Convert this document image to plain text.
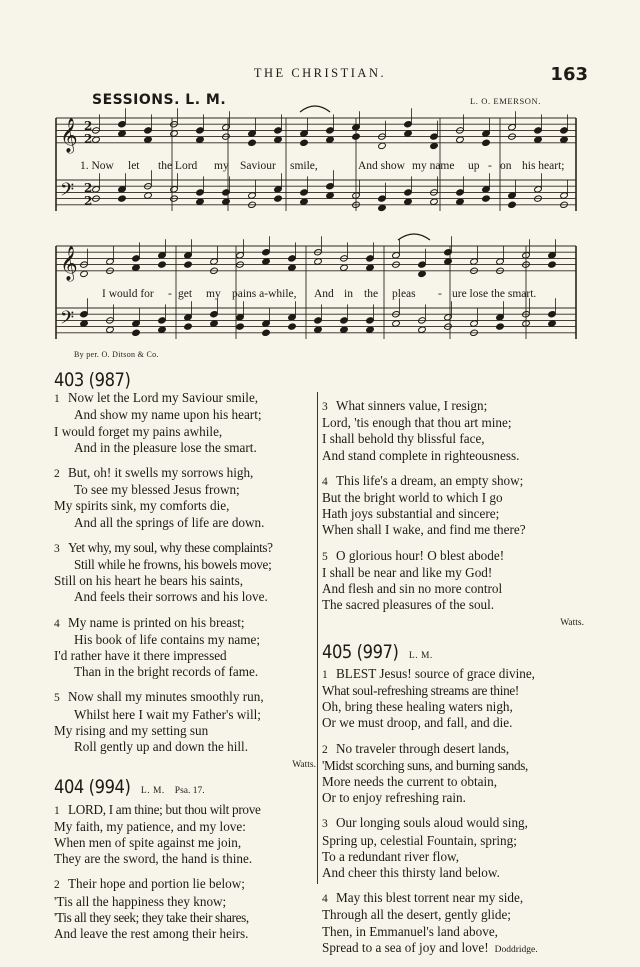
THE CHRISTIAN.	163
SESSIONS. L. M.	L. O. EMERSON.
𝄞
𝄢
𝄞
𝄢
2
2
2
2
1. Now let the Lord my Saviour smile,	And show my name up - on his heart;
I would for - get my pains a-while, And in the pleas - ure lose the smart.
By per. O. Ditson & Co.
403 (987)
1 Now let the Lord my Saviour smile,
And show my name upon his heart;
I would forget my pains awhile,
And in the pleasure lose the smart.
2 But, oh! it swells my sorrows high,
To see my blessed Jesus frown;
My spirits sink, my comforts die,
And all the springs of life are down.
3 Yet why, my soul, why these complaints?
Still while he frowns, his bowels move;
Still on his heart he bears his saints,
And feels their sorrows and his love.
4 My name is printed on his breast;
His book of life contains my name;
I'd rather have it there impressed
Than in the bright records of fame.
5 Now shall my minutes smoothly run,
Whilst here I wait my Father's will;
My rising and my setting sun
Roll gently up and down the hill.
Watts.
404 (994) L. M. Psa. 17.
1 LORD, I am thine; but thou wilt prove
My faith, my patience, and my love:
When men of spite against me join,
They are the sword, the hand is thine.
2 Their hope and portion lie below;
'Tis all the happiness they know;
'Tis all they seek; they take their shares,
And leave the rest among their heirs.
3 What sinners value, I resign;
Lord, 'tis enough that thou art mine;
I shall behold thy blissful face,
And stand complete in righteousness.
4 This life's a dream, an empty show;
But the bright world to which I go
Hath joys substantial and sincere;
When shall I wake, and find me there?
5 O glorious hour! O blest abode!
I shall be near and like my God!
And flesh and sin no more control
The sacred pleasures of the soul.
Watts.
405 (997) L. M.
1 BLEST Jesus! source of grace divine,
What soul-refreshing streams are thine!
Oh, bring these healing waters nigh,
Or we must droop, and fall, and die.
2 No traveler through desert lands,
'Midst scorching suns, and burning sands,
More needs the current to obtain,
Or to enjoy refreshing rain.
3 Our longing souls aloud would sing,
Spring up, celestial Fountain, spring;
To a redundant river flow,
And cheer this thirsty land below.
4 May this blest torrent near my side,
Through all the desert, gently glide;
Then, in Emmanuel's land above,
Spread to a sea of joy and love! Doddridge.
